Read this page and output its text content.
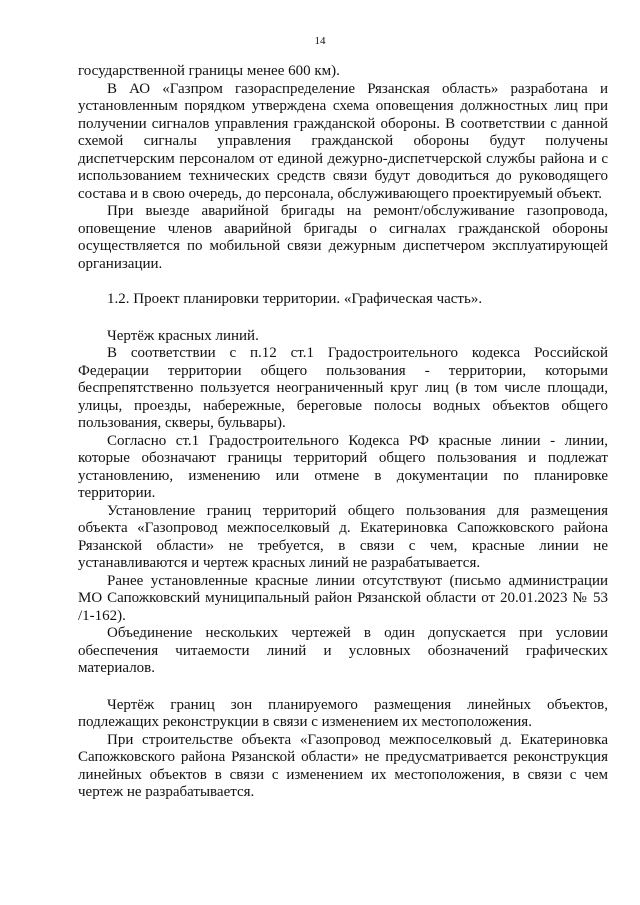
14

государственной границы менее 600 км).

В АО «Газпром газораспределение Рязанская область» разработана и установленным порядком утверждена схема оповещения должностных лиц при получении сигналов управления гражданской обороны. В соответствии с данной схемой сигналы управления гражданской обороны будут получены диспетчерским персоналом от единой дежурно-диспетчерской службы района и с использованием технических средств связи будут доводиться до руководящего состава и в свою очередь, до персонала, обслуживающего проектируемый объект.

При выезде аварийной бригады на ремонт/обслуживание газопровода, оповещение членов аварийной бригады о сигналах гражданской обороны осуществляется по мобильной связи дежурным диспетчером эксплуатирующей организации.

1.2. Проект планировки территории. «Графическая часть».

Чертёж красных линий.

В соответствии с п.12 ст.1 Градостроительного кодекса Российской Федерации территории общего пользования - территории, которыми беспрепятственно пользуется неограниченный круг лиц (в том числе площади, улицы, проезды, набережные, береговые полосы водных объектов общего пользования, скверы, бульвары).

Согласно ст.1 Градостроительного Кодекса РФ красные линии - линии, которые обозначают границы территорий общего пользования и подлежат установлению, изменению или отмене в документации по планировке территории.

Установление границ территорий общего пользования для размещения объекта «Газопровод межпоселковый д. Екатериновка Сапожковского района Рязанской области» не требуется, в связи с чем, красные линии не устанавливаются и чертеж красных линий не разрабатывается.

Ранее установленные красные линии отсутствуют (письмо администрации МО Сапожковский муниципальный район Рязанской области от 20.01.2023 № 53 /1-162).

Объединение нескольких чертежей в один допускается при условии обеспечения читаемости линий и условных обозначений графических материалов.

Чертёж границ зон планируемого размещения линейных объектов, подлежащих реконструкции в связи с изменением их местоположения.

При строительстве объекта «Газопровод межпоселковый д. Екатериновка Сапожковского района Рязанской области» не предусматривается реконструкция линейных объектов в связи с изменением их местоположения, в связи с чем чертеж не разрабатывается.
